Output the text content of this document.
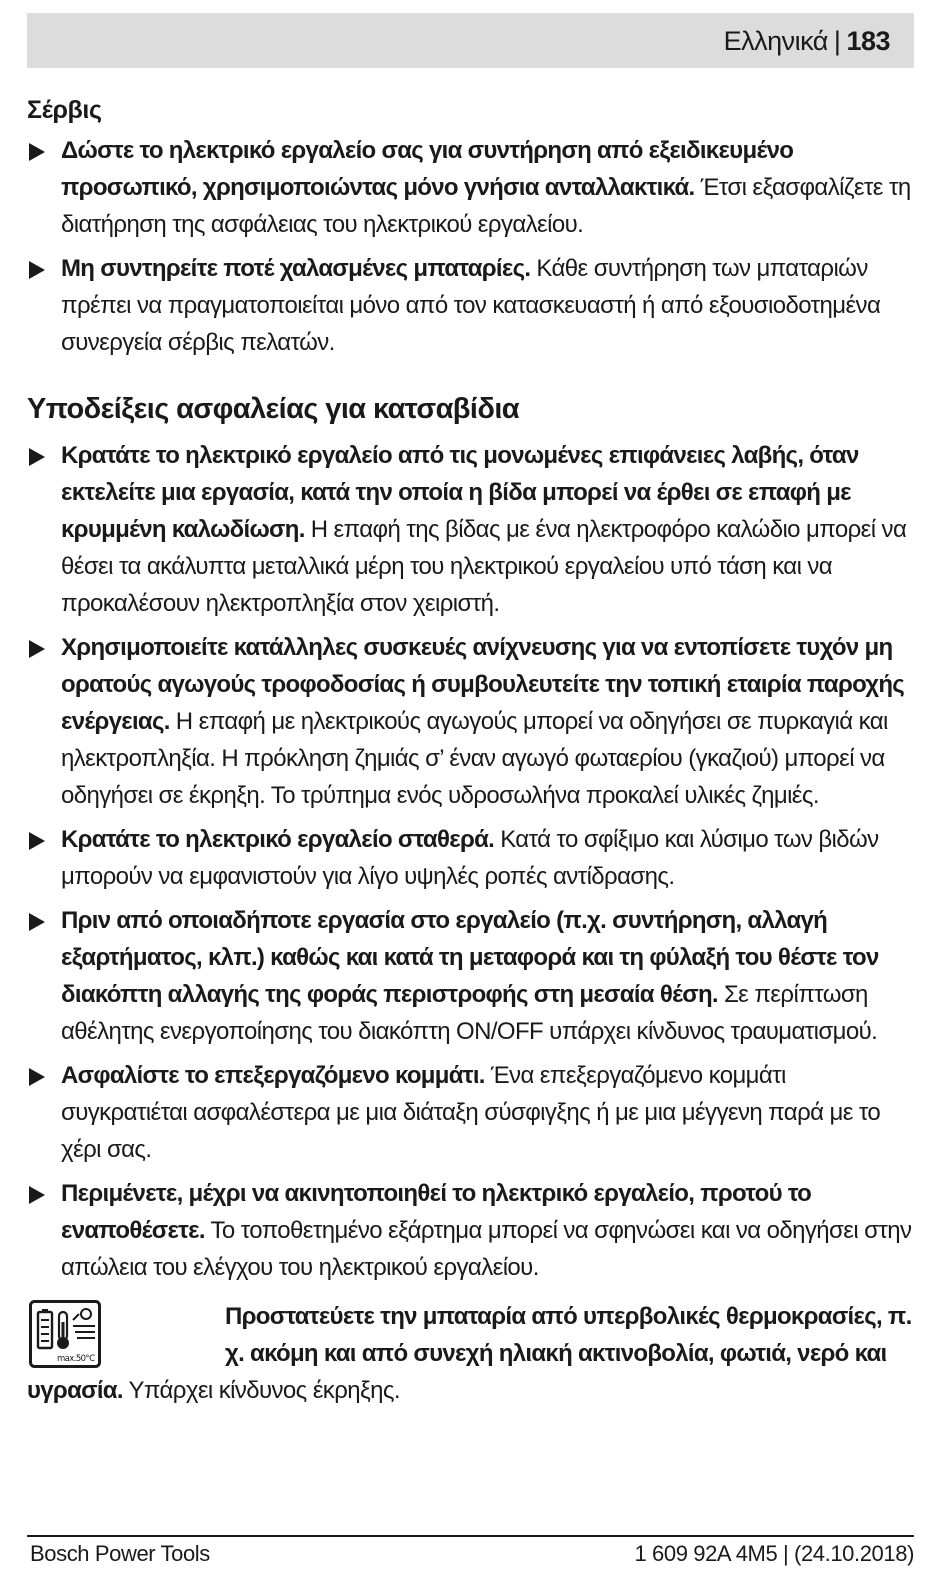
Ελληνικά | 183
Σέρβις
Δώστε το ηλεκτρικό εργαλείο σας για συντήρηση από εξειδικευμένο προσωπικό, χρησιμοποιώντας μόνο γνήσια ανταλλακτικά. Έτσι εξασφαλίζετε τη διατήρηση της ασφάλειας του ηλεκτρικού εργαλείου.
Μη συντηρείτε ποτέ χαλασμένες μπαταρίες. Κάθε συντήρηση των μπαταριών πρέπει να πραγματοποιείται μόνο από τον κατασκευαστή ή από εξουσιοδοτημένα συνεργεία σέρβις πελατών.
Υποδείξεις ασφαλείας για κατσαβίδια
Κρατάτε το ηλεκτρικό εργαλείο από τις μονωμένες επιφάνειες λαβής, όταν εκτελείτε μια εργασία, κατά την οποία η βίδα μπορεί να έρθει σε επαφή με κρυμμένη καλωδίωση. Η επαφή της βίδας με ένα ηλεκτροφόρο καλώδιο μπορεί να θέσει τα ακάλυπτα μεταλλικά μέρη του ηλεκτρικού εργαλείου υπό τάση και να προκαλέσουν ηλεκτροπληξία στον χειριστή.
Χρησιμοποιείτε κατάλληλες συσκευές ανίχνευσης για να εντοπίσετε τυχόν μη ορατούς αγωγούς τροφοδοσίας ή συμβουλευτείτε την τοπική εταιρία παροχής ενέργειας. Η επαφή με ηλεκτρικούς αγωγούς μπορεί να οδηγήσει σε πυρκαγιά και ηλεκτροπληξία. Η πρόκληση ζημιάς σ’ έναν αγωγό φωταερίου (γκαζιού) μπορεί να οδηγήσει σε έκρηξη. Το τρύπημα ενός υδροσωλήνα προκαλεί υλικές ζημιές.
Κρατάτε το ηλεκτρικό εργαλείο σταθερά. Κατά το σφίξιμο και λύσιμο των βιδών μπορούν να εμφανιστούν για λίγο υψηλές ροπές αντίδρασης.
Πριν από οποιαδήποτε εργασία στο εργαλείο (π.χ. συντήρηση, αλλαγή εξαρτήματος, κλπ.) καθώς και κατά τη μεταφορά και τη φύλαξή του θέστε τον διακόπτη αλλαγής της φοράς περιστροφής στη μεσαία θέση. Σε περίπτωση αθέλητης ενεργοποίησης του διακόπτη ON/OFF υπάρχει κίνδυνος τραυματισμού.
Ασφαλίστε το επεξεργαζόμενο κομμάτι. Ένα επεξεργαζόμενο κομμάτι συγκρατιέται ασφαλέστερα με μια διάταξη σύσφιγξης ή με μια μέγγενη παρά με το χέρι σας.
Περιμένετε, μέχρι να ακινητοποιηθεί το ηλεκτρικό εργαλείο, προτού το εναποθέσετε. Το τοποθετημένο εξάρτημα μπορεί να σφηνώσει και να οδηγήσει στην απώλεια του ελέγχου του ηλεκτρικού εργαλείου.
max.50°C
Προστατεύετε την μπαταρία από υπερβολικές θερμοκρασίες, π. χ. ακόμη και από συνεχή ηλιακή ακτινοβολία, φωτιά, νερό και υγρασία. Υπάρχει κίνδυνος έκρηξης.
Bosch Power Tools	1 609 92A 4M5 | (24.10.2018)
